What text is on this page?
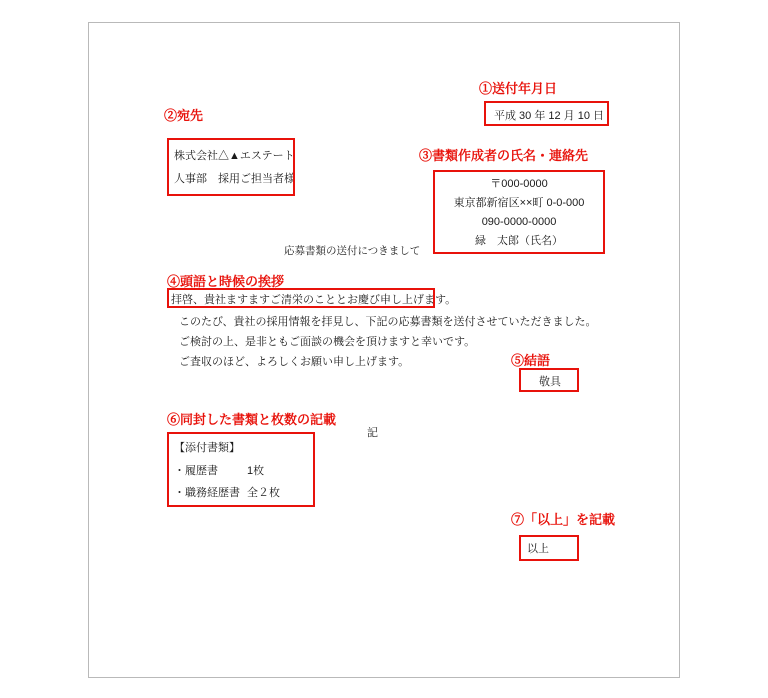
①送付年月日
平成 30 年 12 月 10 日
②宛先
株式会社△▲エステート
人事部　採用ご担当者様
③書類作成者の氏名・連絡先
〒000-0000
東京都新宿区××町 0-0-000
090-0000-0000
緑　太郎（氏名）
応募書類の送付につきまして
④頭語と時候の挨拶
拝啓、貴社ますますご清栄のこととお慶び申し上げます。
このたび、貴社の採用情報を拝見し、下記の応募書類を送付させていただきました。
ご検討の上、是非ともご面談の機会を頂けますと幸いです。
ご査収のほど、よろしくお願い申し上げます。	⑤結語
敬具
記
⑥同封した書類と枚数の記載
【添付書類】
・履歴書	1枚
・職務経歴書 全２枚
⑦「以上」を記載
以上
